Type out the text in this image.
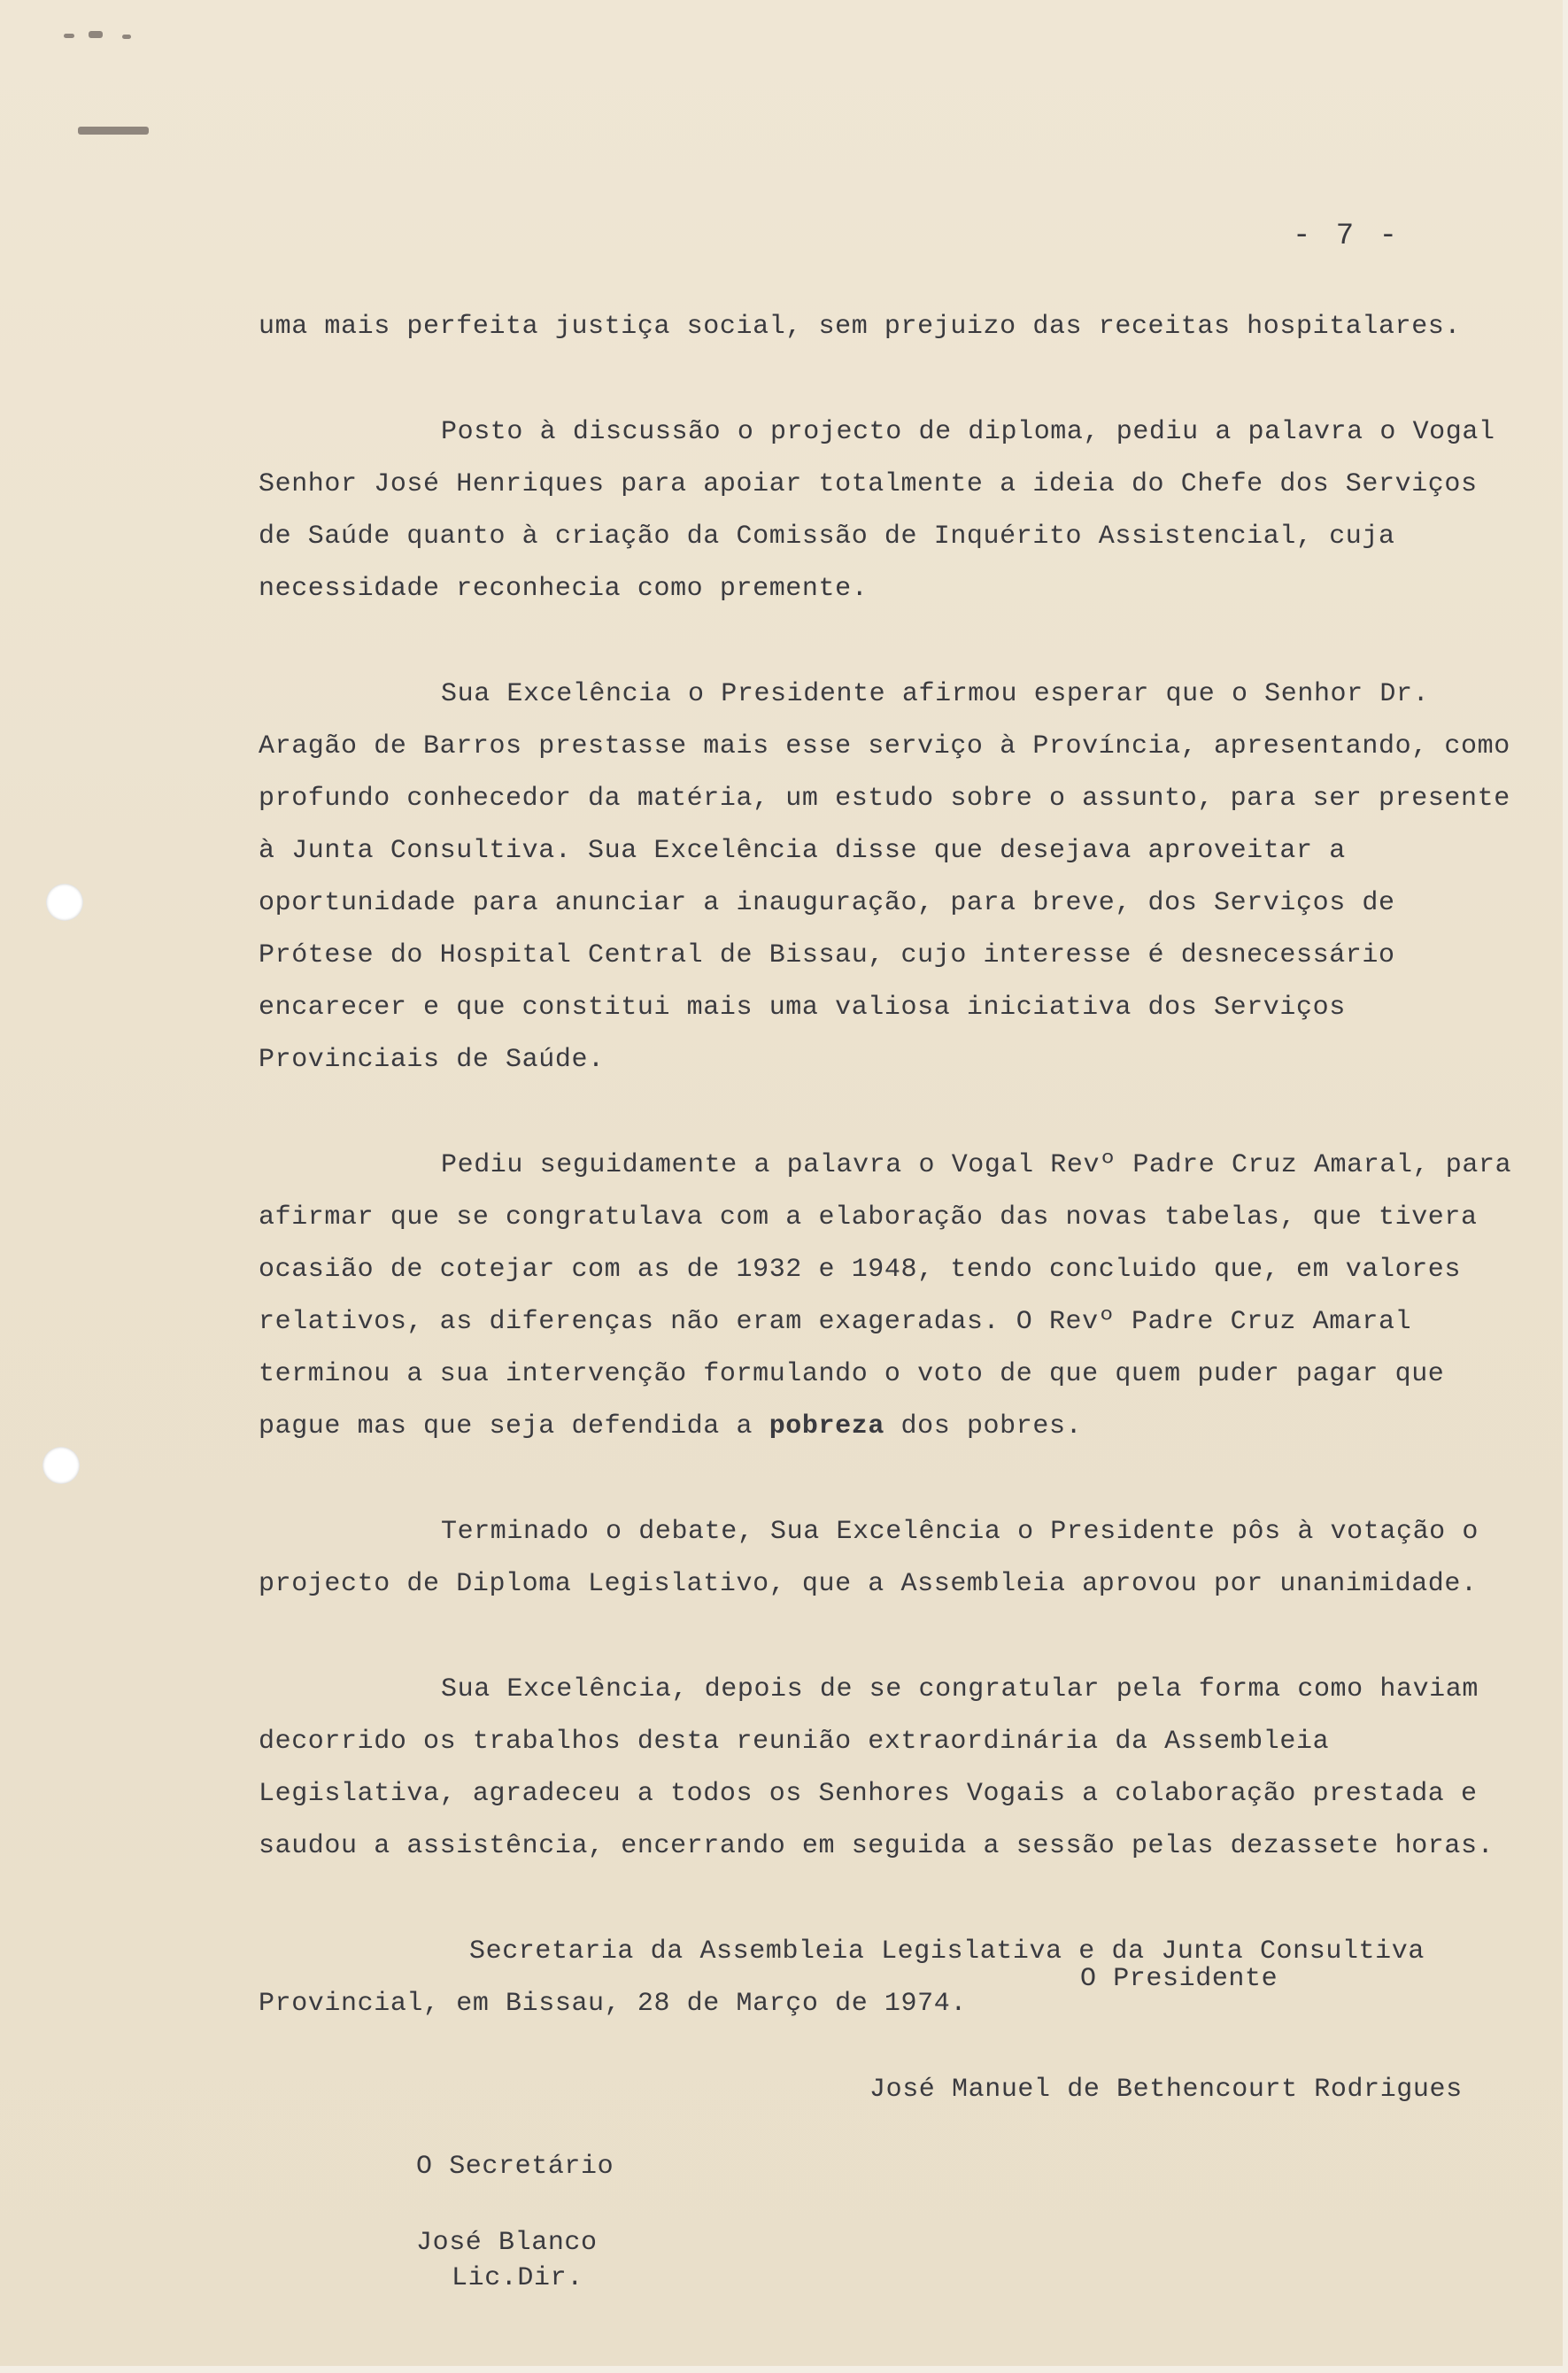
- 7 -

uma mais perfeita justiça social, sem prejuizo das receitas hospitalares.

Posto à discussão o projecto de diploma, pediu a palavra o Vogal Senhor José Henriques para apoiar totalmente a ideia do Chefe dos Serviços de Saúde quanto à criação da Comissão de Inquérito Assistencial, cuja necessidade reconhecia como premente.

Sua Excelência o Presidente afirmou esperar que o Senhor Dr. Aragão de Barros prestasse mais esse serviço à Província, apresentando, como profundo conhecedor da matéria, um estudo sobre o assunto, para ser presente à Junta Consultiva. Sua Excelência disse que desejava aproveitar a oportunidade para anunciar a inauguração, para breve, dos Serviços de Prótese do Hospital Central de Bissau, cujo interesse é desnecessário encarecer e que constitui mais uma valiosa iniciativa dos Serviços Provinciais de Saúde.

Pediu seguidamente a palavra o Vogal Revº Padre Cruz Amaral, para afirmar que se congratulava com a elaboração das novas tabelas, que tivera ocasião de cotejar com as de 1932 e 1948, tendo concluido que, em valores relativos, as diferenças não eram exageradas. O Revº Padre Cruz Amaral terminou a sua intervenção formulando o voto de que quem puder pagar que pague mas que seja defendida a pobreza dos pobres.

Terminado o debate, Sua Excelência o Presidente pôs à votação o projecto de Diploma Legislativo, que a Assembleia aprovou por unanimidade.

Sua Excelência, depois de se congratular pela forma como haviam decorrido os trabalhos desta reunião extraordinária da Assembleia Legislativa, agradeceu a todos os Senhores Vogais a colaboração prestada e saudou a assistência, encerrando em seguida a sessão pelas dezassete horas.

Secretaria da Assembleia Legislativa e da Junta Consultiva

Provincial, em Bissau, 28 de Março de 1974.

O Presidente
José Manuel de Bethencourt Rodrigues
O Secretário
José Blanco
Lic.Dir.
